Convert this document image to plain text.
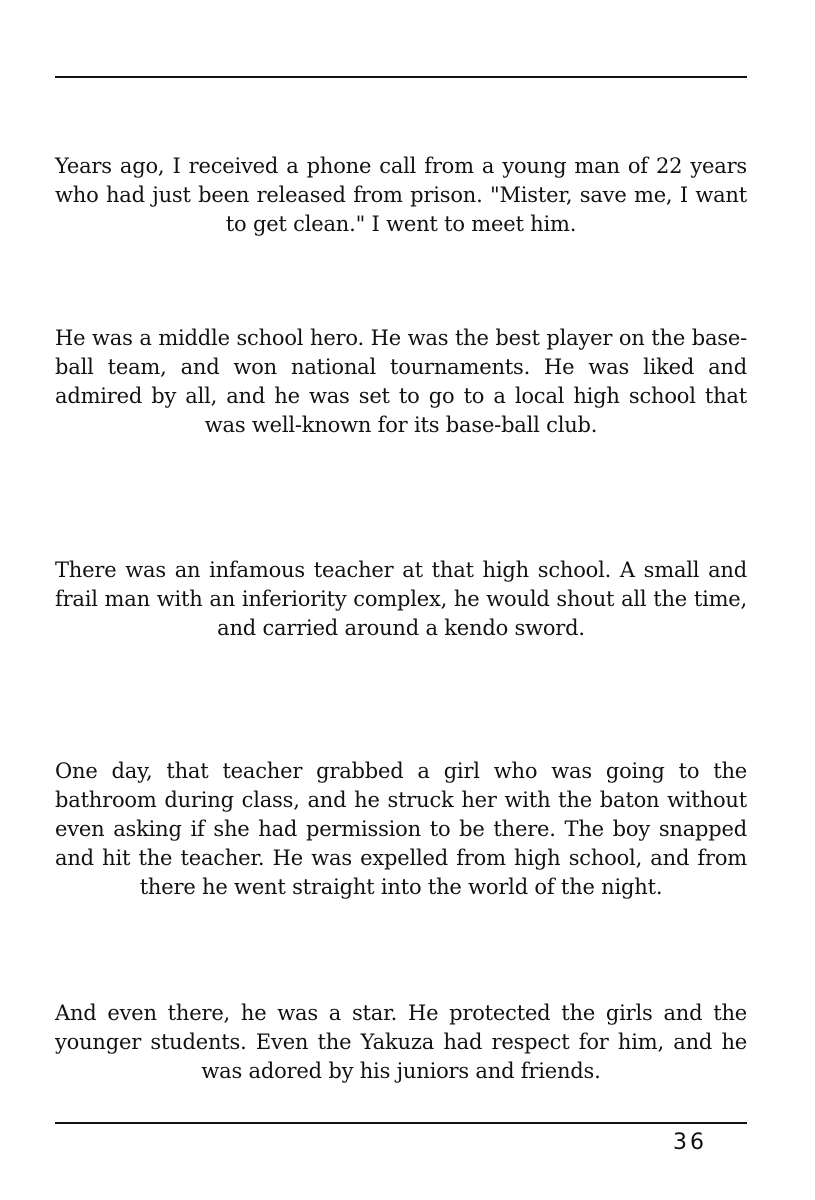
Years ago, I received a phone call from a young man of 22 years who had just been released from prison. "Mister, save me, I want to get clean." I went to meet him.

He was a middle school hero. He was the best player on the base-ball team, and won national tournaments. He was liked and admired by all, and he was set to go to a local high school that was well-known for its base-ball club.

There was an infamous teacher at that high school. A small and frail man with an inferiority complex, he would shout all the time, and carried around a kendo sword.

One day, that teacher grabbed a girl who was going to the bathroom during class, and he struck her with the baton without even asking if she had permission to be there. The boy snapped and hit the teacher. He was expelled from high school, and from there he went straight into the world of the night.

And even there, he was a star. He protected the girls and the younger students. Even the Yakuza had respect for him, and he was adored by his juniors and friends.

36
